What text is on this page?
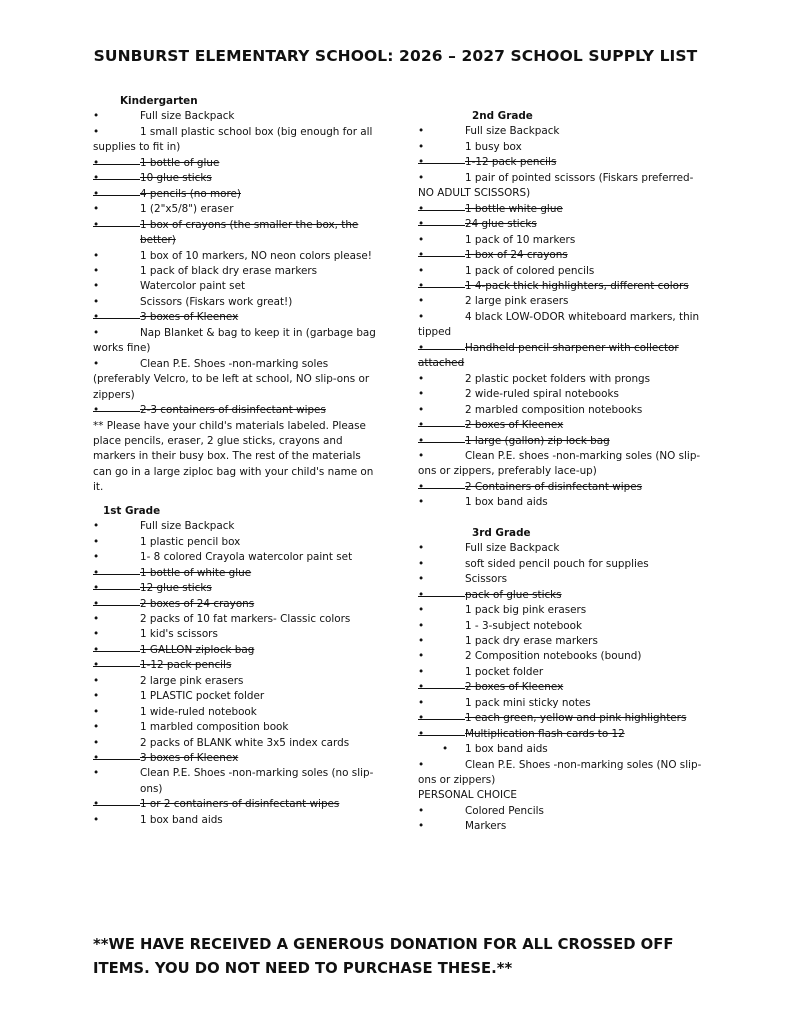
SUNBURST ELEMENTARY SCHOOL: 2026 – 2027 SCHOOL SUPPLY LIST
Kindergarten
• Full size Backpack
• 1 small plastic school box (big enough for all supplies to fit in)
• 1 bottle of glue
• 10 glue sticks
• 4 pencils (no more)
• 1 (2"x5/8") eraser
• 1 box of crayons (the smaller the box, the better)
• 1 box of 10 markers, NO neon colors please!
• 1 pack of black dry erase markers
• Watercolor paint set
• Scissors (Fiskars work great!)
• 3 boxes of Kleenex
• Nap Blanket & bag to keep it in (garbage bag works fine)
• Clean P.E. Shoes -non-marking soles (preferably Velcro, to be left at school, NO slip-ons or zippers)
• 2-3 containers of disinfectant wipes
** Please have your child's materials labeled. Please place pencils, eraser, 2 glue sticks, crayons and markers in their busy box. The rest of the materials can go in a large ziploc bag with your child's name on it.
1st Grade
• Full size Backpack
• 1 plastic pencil box
• 1- 8 colored Crayola watercolor paint set
• 1 bottle of white glue
• 12 glue sticks
• 2 boxes of 24 crayons
• 2 packs of 10 fat markers- Classic colors
• 1 kid's scissors
• 1 GALLON ziplock bag
• 1-12 pack pencils
• 2 large pink erasers
• 1 PLASTIC pocket folder
• 1 wide-ruled notebook
• 1 marbled composition book
• 2 packs of BLANK white 3x5 index cards
• 3 boxes of Kleenex
• Clean P.E. Shoes -non-marking soles (no slip-ons)
• 1 or 2 containers of disinfectant wipes
• 1 box band aids
2nd Grade
• Full size Backpack
• 1 busy box
• 1-12 pack pencils
• 1 pair of pointed scissors (Fiskars preferred-NO ADULT SCISSORS)
• 1 bottle white glue
• 24 glue sticks
• 1 pack of 10 markers
• 1 box of 24 crayons
• 1 pack of colored pencils
• 1 4-pack thick highlighters, different colors
• 2 large pink erasers
• 4 black LOW-ODOR whiteboard markers, thin tipped
• Handheld pencil sharpener with collector attached
• 2 plastic pocket folders with prongs
• 2 wide-ruled spiral notebooks
• 2 marbled composition notebooks
• 2 boxes of Kleenex
• 1 large (gallon) zip lock bag
• Clean P.E. shoes -non-marking soles (NO slip-ons or zippers, preferably lace-up)
• 2 Containers of disinfectant wipes
• 1 box band aids
3rd Grade
• Full size Backpack
• soft sided pencil pouch for supplies
• Scissors
• pack of glue sticks
• 1 pack big pink erasers
• 1 - 3-subject notebook
• 1 pack dry erase markers
• 2 Composition notebooks (bound)
• 1 pocket folder
• 2 boxes of Kleenex
• 1 pack mini sticky notes
• 1 each green, yellow and pink highlighters
• Multiplication flash cards to 12
• 1 box band aids
• Clean P.E. Shoes -non-marking soles (NO slip-ons or zippers)
PERSONAL CHOICE
• Colored Pencils
• Markers
**WE HAVE RECEIVED A GENEROUS DONATION FOR ALL CROSSED OFF ITEMS. YOU DO NOT NEED TO PURCHASE THESE.**
